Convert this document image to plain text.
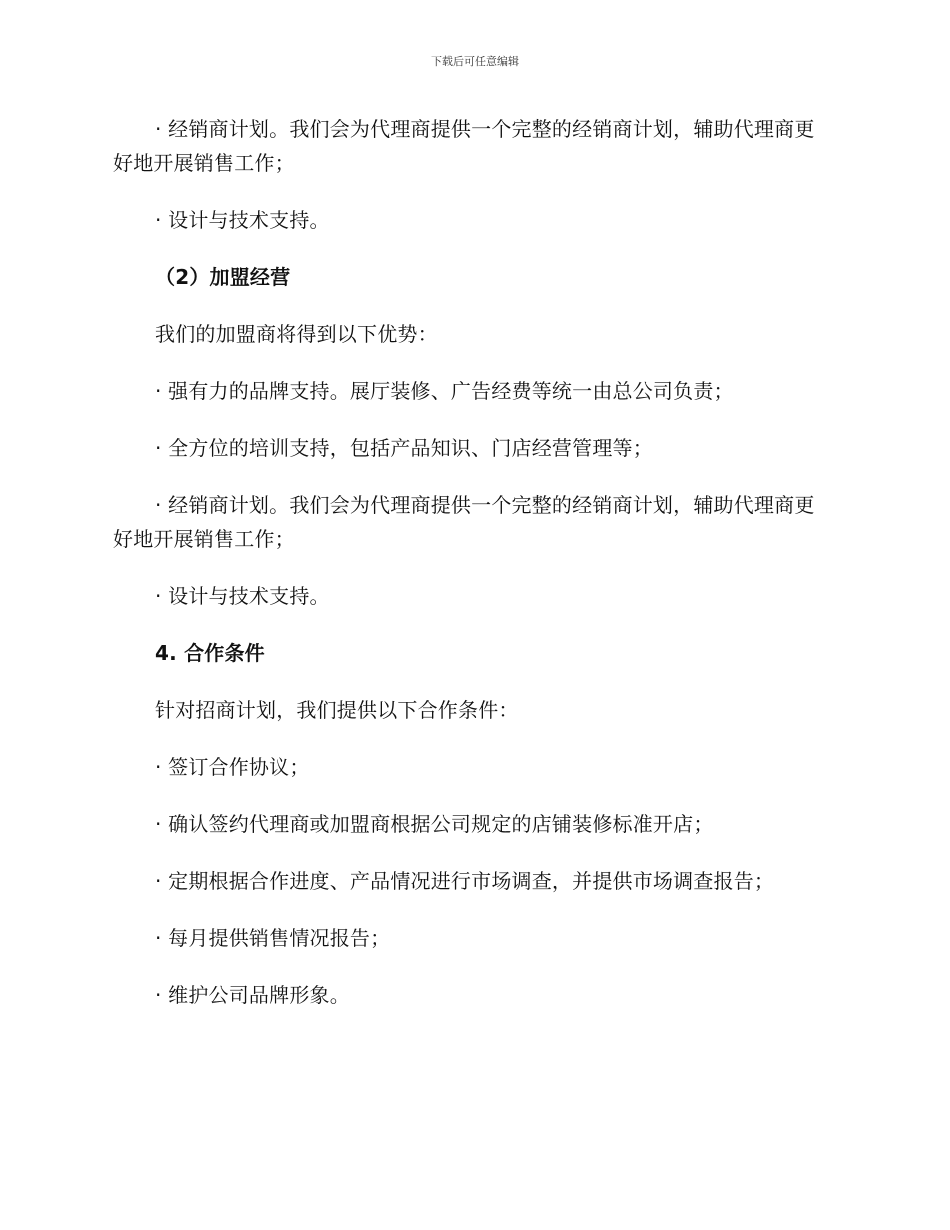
下载后可任意编辑

· 经销商计划。我们会为代理商提供一个完整的经销商计划，辅助代理商更好地开展销售工作；

· 设计与技术支持。

（2）加盟经营

我们的加盟商将得到以下优势：

· 强有力的品牌支持。展厅装修、广告经费等统一由总公司负责；

· 全方位的培训支持，包括产品知识、门店经营管理等；

· 经销商计划。我们会为代理商提供一个完整的经销商计划，辅助代理商更好地开展销售工作；

· 设计与技术支持。

4. 合作条件

针对招商计划，我们提供以下合作条件：

· 签订合作协议；

· 确认签约代理商或加盟商根据公司规定的店铺装修标准开店；

· 定期根据合作进度、产品情况进行市场调查，并提供市场调查报告；

· 每月提供销售情况报告；

· 维护公司品牌形象。
